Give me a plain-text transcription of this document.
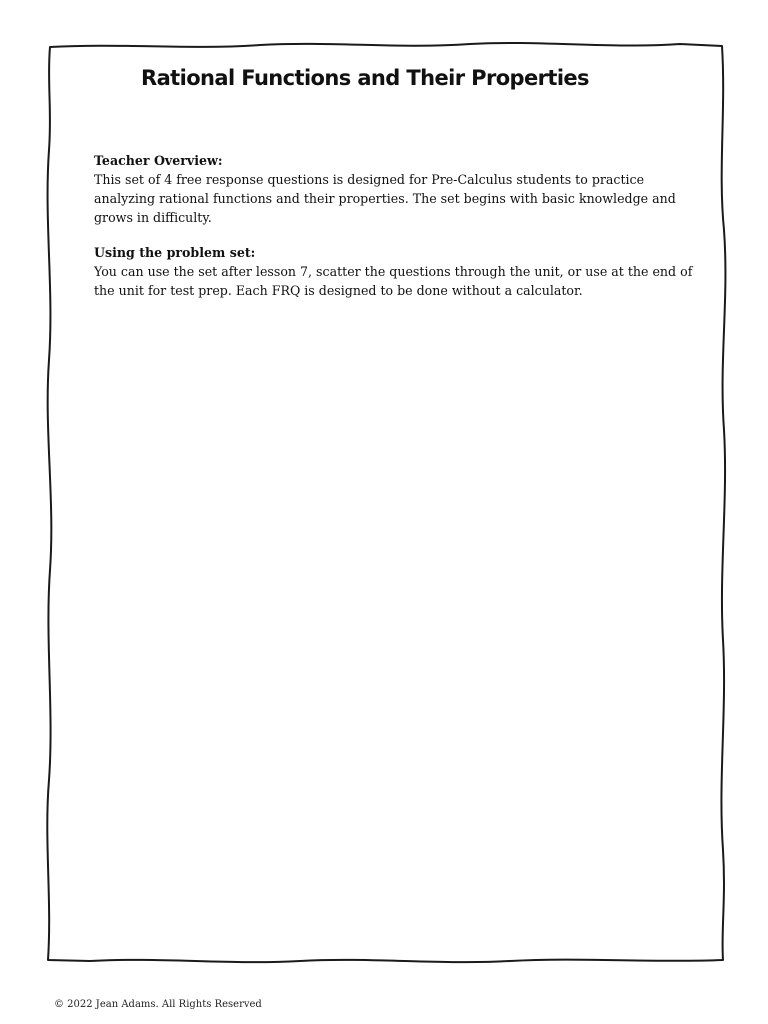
Rational Functions and Their Properties
Teacher Overview:
This set of 4 free response questions is designed for Pre-Calculus students to practice analyzing rational functions and their properties. The set begins with basic knowledge and grows in difficulty.
Using the problem set:
You can use the set after lesson 7, scatter the questions through the unit, or use at the end of the unit for test prep. Each FRQ is designed to be done without a calculator.
© 2022 Jean Adams. All Rights Reserved
